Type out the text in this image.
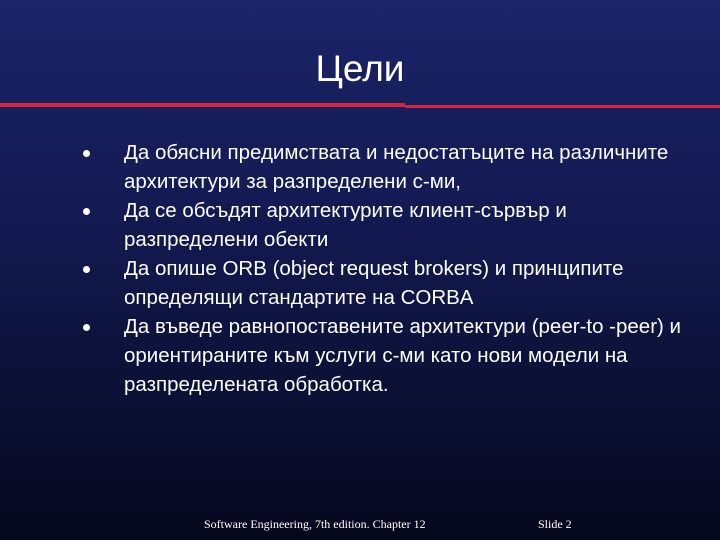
Цели
Да обясни предимствата и недостатъците на различните архитектури за разпределени с-ми,
Да се обсъдят архитектурите клиент-сървър и разпределени обекти
Да опише ORB (object request brokers) и принципите определящи стандартите на CORBA
Да въведе равнопоставените архитектури (peer-to -peer) и ориентираните към услуги с-ми като нови модели на разпределената обработка.
Software Engineering, 7th edition. Chapter 12	Slide 2
